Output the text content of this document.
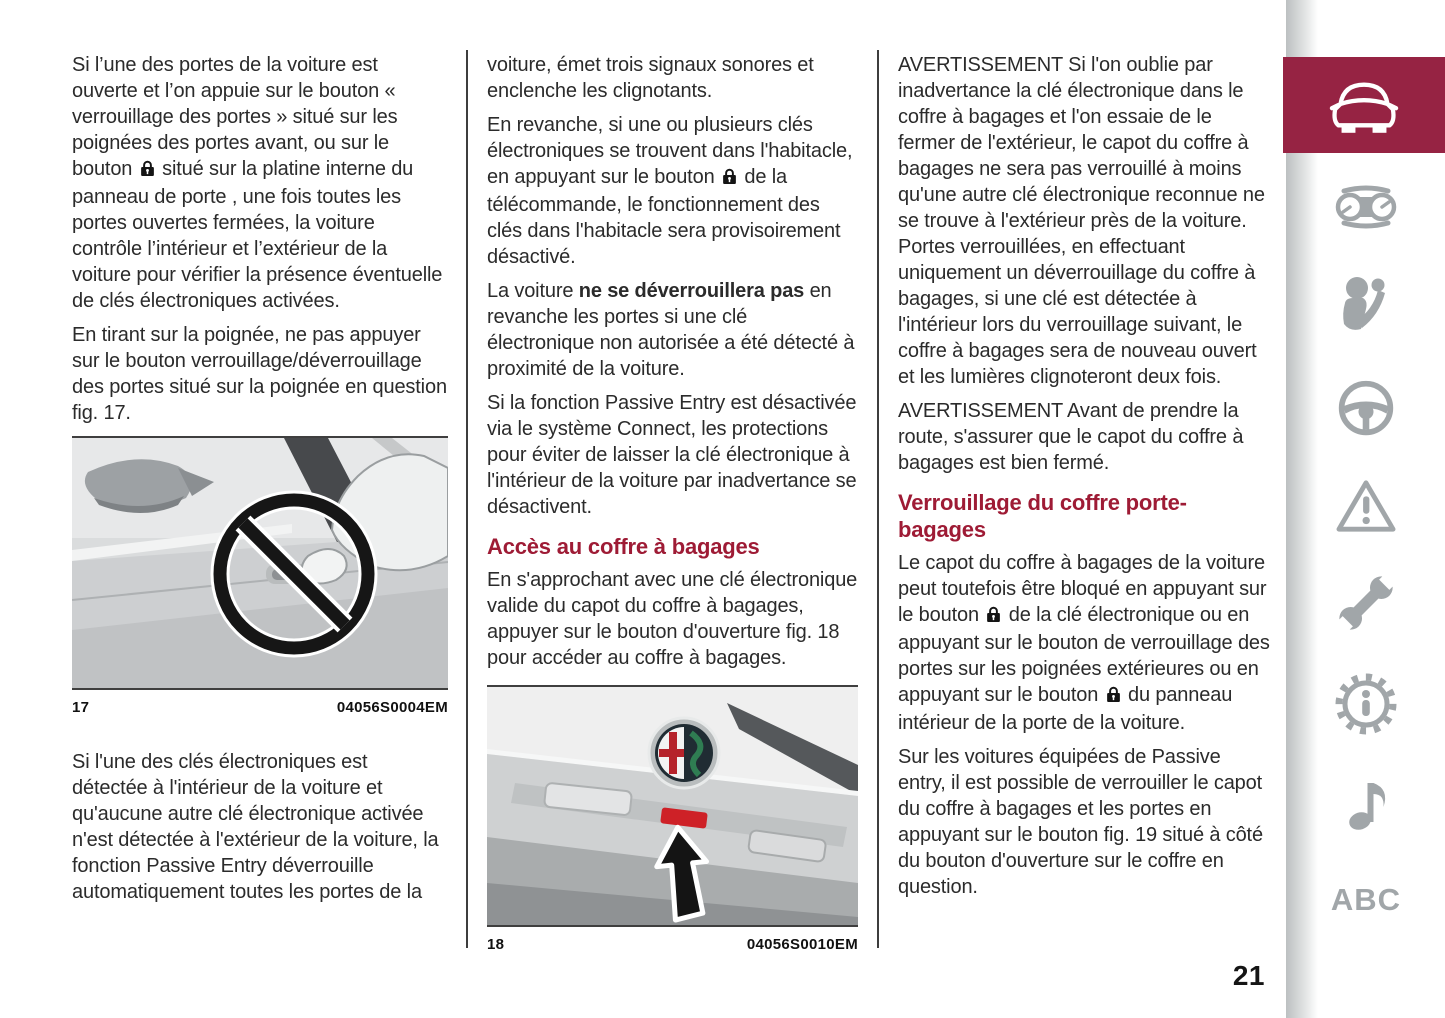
Si l’une des portes de la voiture est ouverte et l’on appuie sur le bouton « verrouillage des portes » situé sur les poignées des portes avant, ou sur le bouton  situé sur la platine interne du panneau de porte , une fois toutes les portes ouvertes fermées, la voiture contrôle l’intérieur et l’extérieur de la voiture pour vérifier la présence éventuelle de clés électroniques activées.

En tirant sur la poignée, ne pas appuyer sur le bouton verrouillage/déverrouillage des portes situé sur la poignée en question fig. 17.

17	04056S0004EM

Si l'une des clés électroniques est détectée à l'intérieur de la voiture et qu'aucune autre clé électronique activée n'est détectée à l'extérieur de la voiture, la fonction Passive Entry déverrouille automatiquement toutes les portes de la

voiture, émet trois signaux sonores et enclenche les clignotants.

En revanche, si une ou plusieurs clés électroniques se trouvent dans l'habitacle, en appuyant sur le bouton  de la télécommande, le fonctionnement des clés dans l'habitacle sera provisoirement désactivé.

La voiture ne se déverrouillera pas en revanche les portes si une clé électronique non autorisée a été détecté à proximité de la voiture.

Si la fonction Passive Entry est désactivée via le système Connect, les protections pour éviter de laisser la clé électronique à l'intérieur de la voiture par inadvertance se désactivent.

Accès au coffre à bagages

En s'approchant avec une clé électronique valide du capot du coffre à bagages, appuyer sur le bouton d'ouverture fig. 18 pour accéder au coffre à bagages.

18	04056S0010EM

AVERTISSEMENT Si l'on oublie par inadvertance la clé électronique dans le coffre à bagages et l'on essaie de le fermer de l'extérieur, le capot du coffre à bagages ne sera pas verrouillé à moins qu'une autre clé électronique reconnue ne se trouve à l'extérieur près de la voiture. Portes verrouillées, en effectuant uniquement un déverrouillage du coffre à bagages, si une clé est détectée à l'intérieur lors du verrouillage suivant, le coffre à bagages sera de nouveau ouvert et les lumières clignoteront deux fois.

AVERTISSEMENT Avant de prendre la route, s'assurer que le capot du coffre à bagages est bien fermé.

Verrouillage du coffre porte-bagages

Le capot du coffre à bagages de la voiture peut toutefois être bloqué en appuyant sur le bouton  de la clé électronique ou en appuyant sur le bouton de verrouillage des portes sur les poignées extérieures ou en appuyant sur le bouton  du panneau intérieur de la porte de la voiture.

Sur les voitures équipées de Passive entry, il est possible de verrouiller le capot du coffre à bagages et les portes en appuyant sur le bouton fig. 19 situé à côté du bouton d'ouverture sur le coffre en question.	ABC
21
